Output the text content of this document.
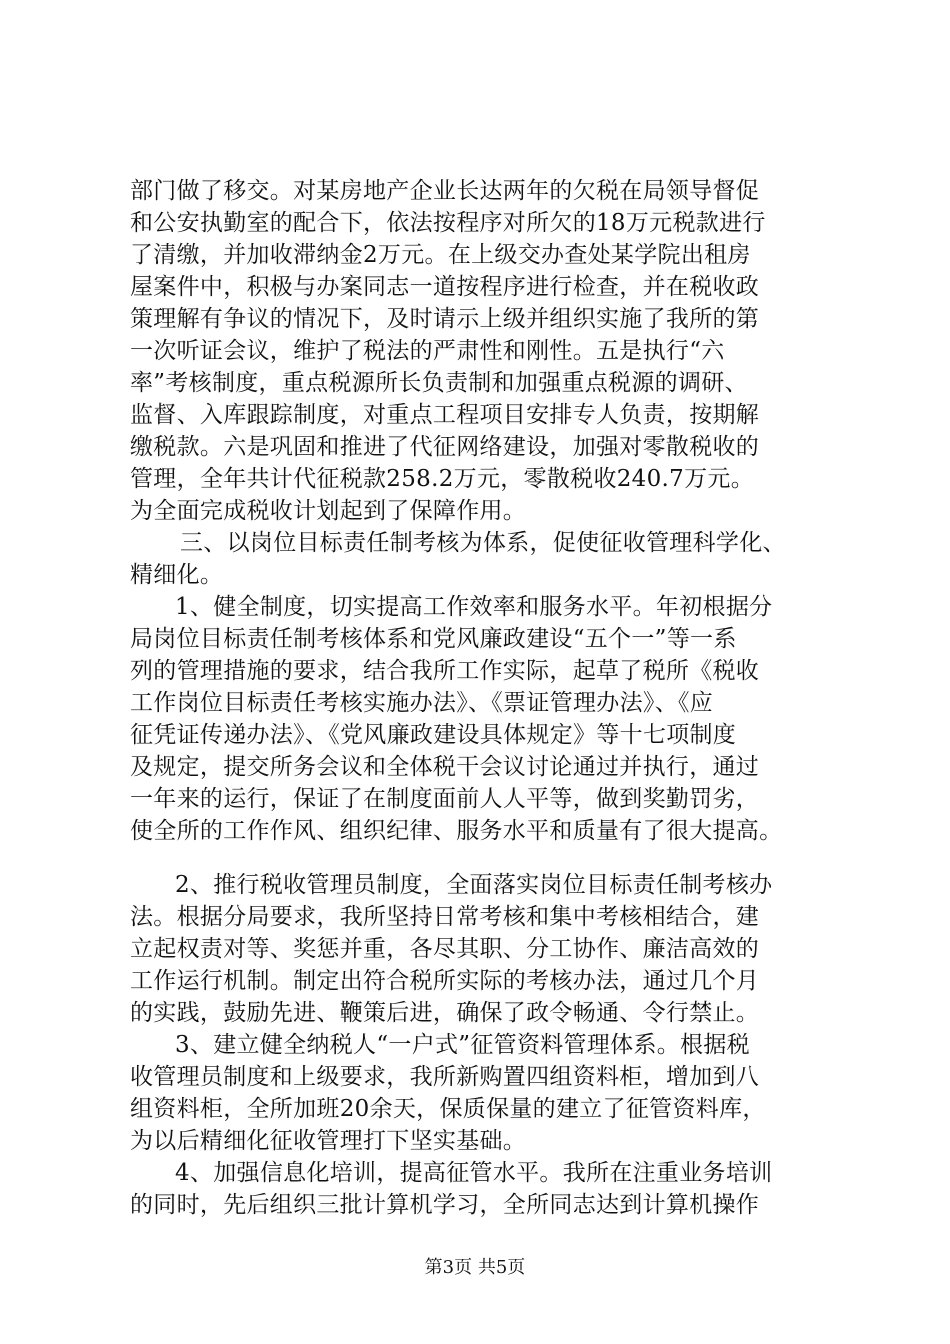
部门做了移交。对某房地产企业长达两年的欠税在局领导督促
和公安执勤室的配合下，依法按程序对所欠的18万元税款进行
了清缴，并加收滞纳金2万元。在上级交办查处某学院出租房
屋案件中，积极与办案同志一道按程序进行检查，并在税收政
策理解有争议的情况下，及时请示上级并组织实施了我所的第
一次听证会议，维护了税法的严肃性和刚性。五是执行“六
率”考核制度，重点税源所长负责制和加强重点税源的调研、
监督、入库跟踪制度，对重点工程项目安排专人负责，按期解
缴税款。六是巩固和推进了代征网络建设，加强对零散税收的
管理，全年共计代征税款258.2万元，零散税收240.7万元。
为全面完成税收计划起到了保障作用。
三、以岗位目标责任制考核为体系，促使征收管理科学化、
精细化。
1、健全制度，切实提高工作效率和服务水平。年初根据分
局岗位目标责任制考核体系和党风廉政建设“五个一”等一系
列的管理措施的要求，结合我所工作实际，起草了税所《税收
工作岗位目标责任考核实施办法》、《票证管理办法》、《应
征凭证传递办法》、《党风廉政建设具体规定》等十七项制度
及规定，提交所务会议和全体税干会议讨论通过并执行，通过
一年来的运行，保证了在制度面前人人平等，做到奖勤罚劣，
使全所的工作作风、组织纪律、服务水平和质量有了很大提高。
2、推行税收管理员制度，全面落实岗位目标责任制考核办
法。根据分局要求，我所坚持日常考核和集中考核相结合，建
立起权责对等、奖惩并重，各尽其职、分工协作、廉洁高效的
工作运行机制。制定出符合税所实际的考核办法，通过几个月
的实践，鼓励先进、鞭策后进，确保了政令畅通、令行禁止。
3、建立健全纳税人“一户式”征管资料管理体系。根据税
收管理员制度和上级要求，我所新购置四组资料柜，增加到八
组资料柜，全所加班20余天，保质保量的建立了征管资料库，
为以后精细化征收管理打下坚实基础。
4、加强信息化培训，提高征管水平。我所在注重业务培训
的同时，先后组织三批计算机学习，全所同志达到计算机操作
第3页 共5页
